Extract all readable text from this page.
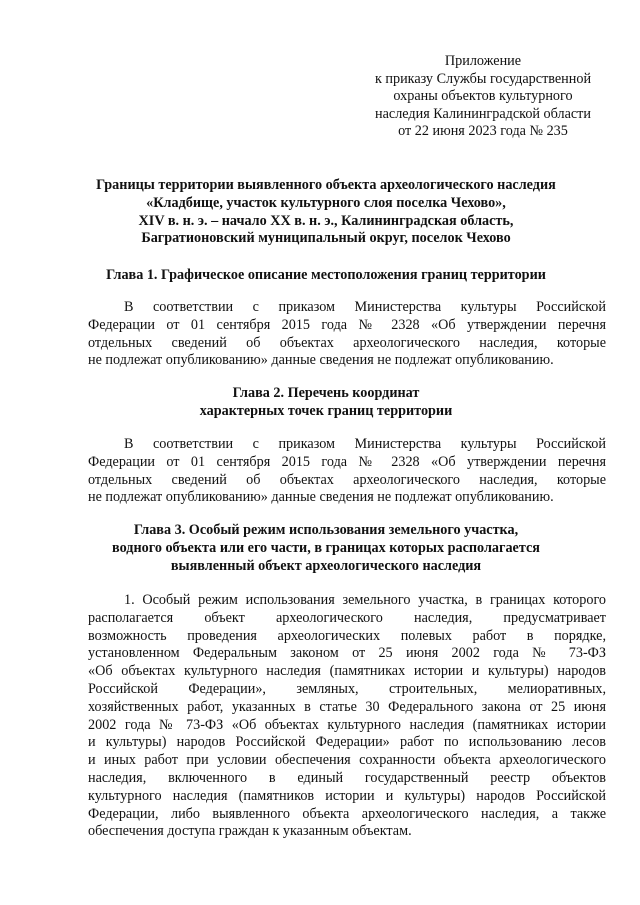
Приложение
к приказу Службы государственной
охраны объектов культурного
наследия Калининградской области
от 22 июня 2023 года № 235
Границы территории выявленного объекта археологического наследия
«Кладбище, участок культурного слоя поселка Чехово»,
XIV в. н. э. – начало XX в. н. э., Калининградская область,
Багратионовский муниципальный округ, поселок Чехово
Глава 1. Графическое описание местоположения границ территории
В соответствии с приказом Министерства культуры Российской
Федерации от 01 сентября 2015 года № 2328 «Об утверждении перечня
отдельных сведений об объектах археологического наследия, которые
не подлежат опубликованию» данные сведения не подлежат опубликованию.
Глава 2. Перечень координат
характерных точек границ территории
В соответствии с приказом Министерства культуры Российской
Федерации от 01 сентября 2015 года № 2328 «Об утверждении перечня
отдельных сведений об объектах археологического наследия, которые
не подлежат опубликованию» данные сведения не подлежат опубликованию.
Глава 3. Особый режим использования земельного участка,
водного объекта или его части, в границах которых располагается
выявленный объект археологического наследия
1. Особый режим использования земельного участка, в границах которого
располагается объект археологического наследия, предусматривает
возможность проведения археологических полевых работ в порядке,
установленном Федеральным законом от 25 июня 2002 года № 73-ФЗ
«Об объектах культурного наследия (памятниках истории и культуры) народов
Российской Федерации», земляных, строительных, мелиоративных,
хозяйственных работ, указанных в статье 30 Федерального закона от 25 июня
2002 года № 73-ФЗ «Об объектах культурного наследия (памятниках истории
и культуры) народов Российской Федерации» работ по использованию лесов
и иных работ при условии обеспечения сохранности объекта археологического
наследия, включенного в единый государственный реестр объектов
культурного наследия (памятников истории и культуры) народов Российской
Федерации, либо выявленного объекта археологического наследия, а также
обеспечения доступа граждан к указанным объектам.
